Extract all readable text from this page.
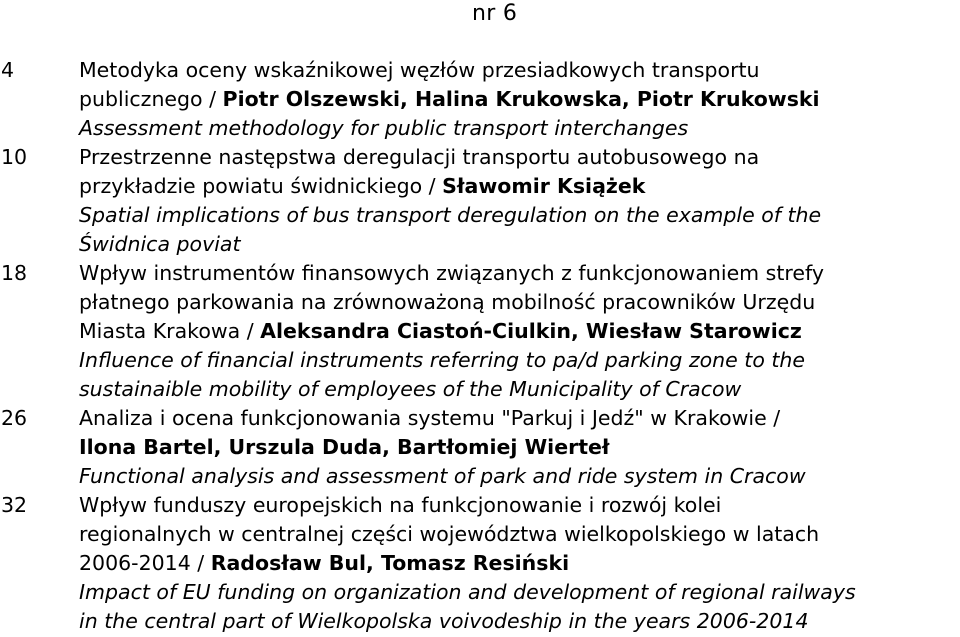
nr 6
4	Metodyka oceny wskaźnikowej węzłów przesiadkowych transportu
publicznego / Piotr Olszewski, Halina Krukowska, Piotr Krukowski
Assessment methodology for public transport interchanges
10	Przestrzenne następstwa deregulacji transportu autobusowego na
przykładzie powiatu świdnickiego / Sławomir Książek
Spatial implications of bus transport deregulation on the example of the
Świdnica poviat
18	Wpływ instrumentów finansowych związanych z funkcjonowaniem strefy
płatnego parkowania na zrównoważoną mobilność pracowników Urzędu
Miasta Krakowa / Aleksandra Ciastoń-Ciulkin, Wiesław Starowicz
Influence of financial instruments referring to pa/d parking zone to the
sustainaible mobility of employees of the Municipality of Cracow
26	Analiza i ocena funkcjonowania systemu "Parkuj i Jedź" w Krakowie /
Ilona Bartel, Urszula Duda, Bartłomiej Wierteł
Functional analysis and assessment of park and ride system in Cracow
32	Wpływ funduszy europejskich na funkcjonowanie i rozwój kolei
regionalnych w centralnej części województwa wielkopolskiego w latach
2006-2014 / Radosław Bul, Tomasz Resiński
Impact of EU funding on organization and development of regional railways
in the central part of Wielkopolska voivodeship in the years 2006-2014
